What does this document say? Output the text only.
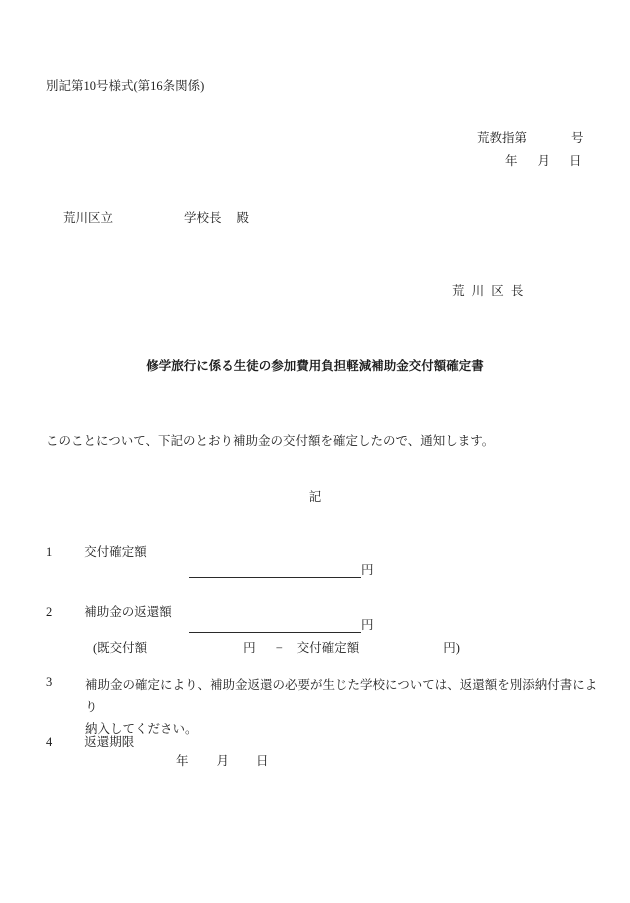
別記第10号様式(第16条関係)
荒教指第	号
年 月 日
荒川区立	学校長 殿
荒 川 区 長
修学旅行に係る生徒の参加費用負担軽減補助金交付額確定書
このことについて、下記のとおり補助金の交付額を確定したので、通知します。
記
1	交付確定額
円
2	補助金の返還額
円
(既交付額	円 − 交付確定額	円)
3	補助金の確定により、補助金返還の必要が生じた学校については、返還額を別添納付書により
納入してください。
4	返還期限
年 月 日
